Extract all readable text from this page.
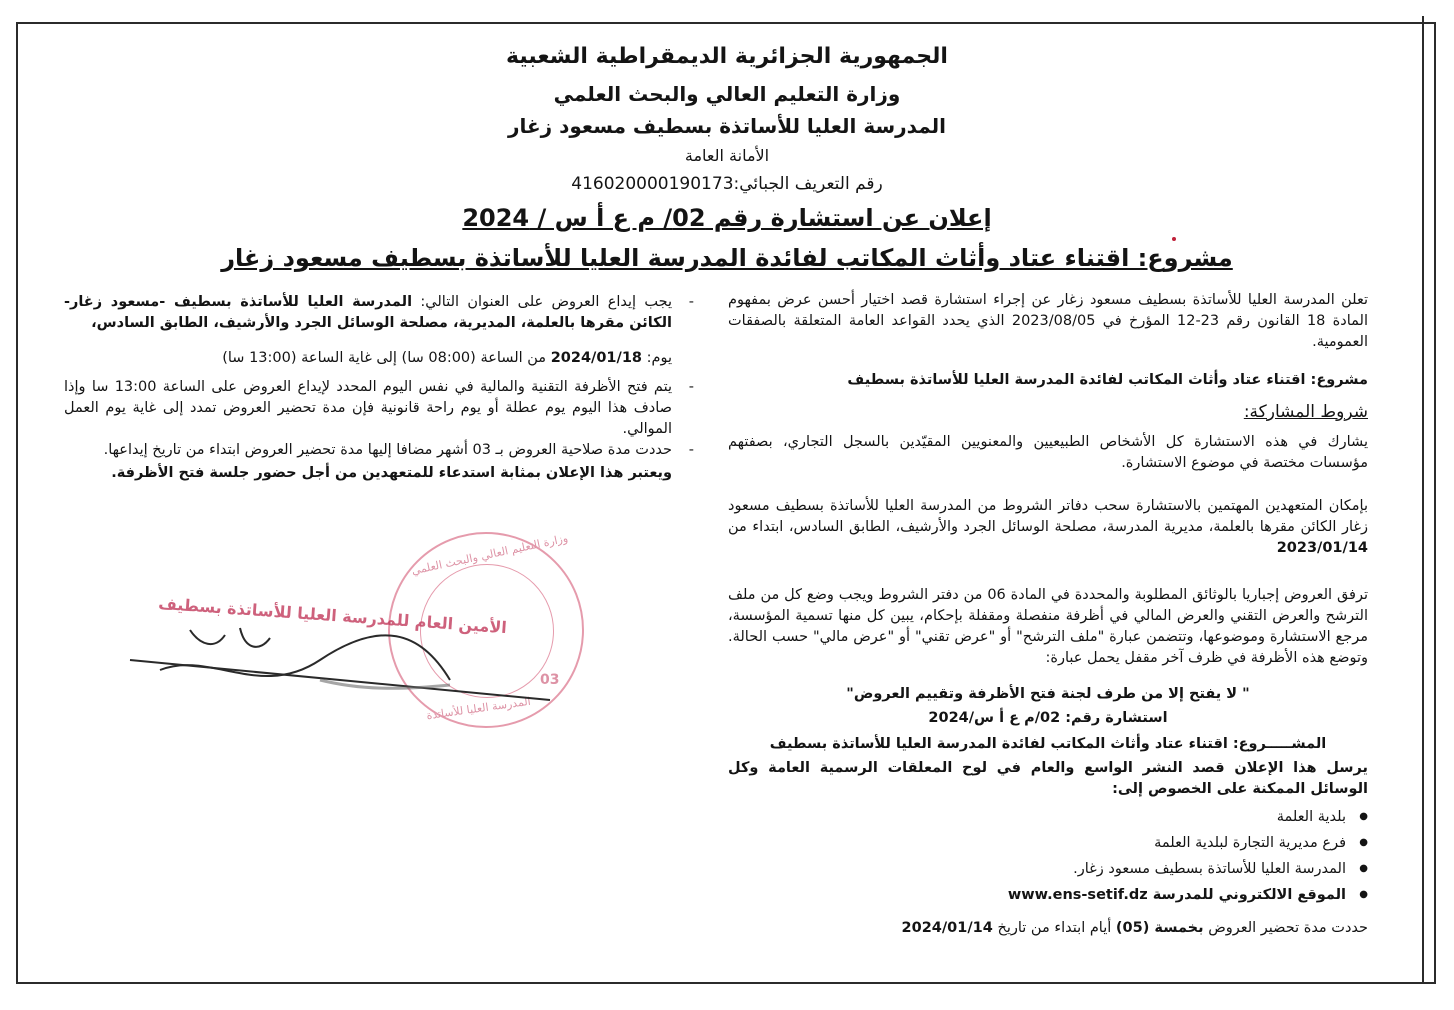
الجمهورية الجزائرية الديمقراطية الشعبية
وزارة التعليم العالي والبحث العلمي
المدرسة العليا للأساتذة بسطيف مسعود زغار
الأمانة العامة
رقم التعريف الجبائي:416020000190173
إعلان عن استشارة رقم 02/ م ع أ س / 2024
مشروع: اقتناء عتاد وأثاث المكاتب لفائدة المدرسة العليا للأساتذة بسطيف مسعود زغار

تعلن المدرسة العليا للأساتذة بسطيف مسعود زغار عن إجراء استشارة قصد اختيار أحسن عرض بمفهوم المادة 18 القانون رقم 23-12 المؤرخ في 2023/08/05 الذي يحدد القواعد العامة المتعلقة بالصفقات العمومية.

مشروع: اقتناء عتاد وأثاث المكاتب لفائدة المدرسة العليا للأساتذة بسطيف

شروط المشاركة:

يشارك في هذه الاستشارة كل الأشخاص الطبيعيين والمعنويين المقيّدين بالسجل التجاري، بصفتهم مؤسسات مختصة في موضوع الاستشارة.

بإمكان المتعهدين المهتمين بالاستشارة سحب دفاتر الشروط من المدرسة العليا للأساتذة بسطيف مسعود زغار الكائن مقرها بالعلمة، مديرية المدرسة، مصلحة الوسائل الجرد والأرشيف، الطابق السادس، ابتداء من 2023/01/14

ترفق العروض إجباريا بالوثائق المطلوبة والمحددة في المادة 06 من دفتر الشروط ويجب وضع كل من ملف الترشح والعرض التقني والعرض المالي في أظرفة منفصلة ومقفلة بإحكام، يبين كل منها تسمية المؤسسة، مرجع الاستشارة وموضوعها، وتتضمن عبارة "ملف الترشح" أو "عرض تقني" أو "عرض مالي" حسب الحالة. وتوضع هذه الأظرفة في ظرف آخر مقفل يحمل عبارة:

" لا يفتح إلا من طرف لجنة فتح الأظرفة وتقييم العروض"

استشارة رقم: 02/م ع أ س/2024

المشـــــروع: اقتناء عتاد وأثاث المكاتب لفائدة المدرسة العليا للأساتذة بسطيف

يرسل هذا الإعلان قصد النشر الواسع والعام في لوح المعلقات الرسمية العامة وكل الوسائل الممكنة على الخصوص إلى:

● بلدية العلمة
● فرع مديرية التجارة لبلدية العلمة
● المدرسة العليا للأساتذة بسطيف مسعود زغار.
● الموقع الالكتروني للمدرسة www.ens-setif.dz

حددت مدة تحضير العروض بخمسة (05) أيام ابتداء من تاريخ 2024/01/14

- يجب إيداع العروض على العنوان التالي: المدرسة العليا للأساتذة بسطيف -مسعود زغار- الكائن مقرها بالعلمة، المديرية، مصلحة الوسائل الجرد والأرشيف، الطابق السادس،
يوم: 2024/01/18 من الساعة (08:00 سا) إلى غاية الساعة (13:00 سا)
- يتم فتح الأظرفة التقنية والمالية في نفس اليوم المحدد لإيداع العروض على الساعة 13:00 سا وإذا صادف هذا اليوم يوم عطلة أو يوم راحة قانونية فإن مدة تحضير العروض تمدد إلى غاية يوم العمل الموالي.
- حددت مدة صلاحية العروض بـ 03 أشهر مضافا إليها مدة تحضير العروض ابتداء من تاريخ إيداعها.
ويعتبر هذا الإعلان بمثابة استدعاء للمتعهدين من أجل حضور جلسة فتح الأظرفة.
وزارة التعليم العالي والبحث العلمي
المدرسة العليا للأساتذة
03
الأمين العام للمدرسة العليا للأساتذة بسطيف
